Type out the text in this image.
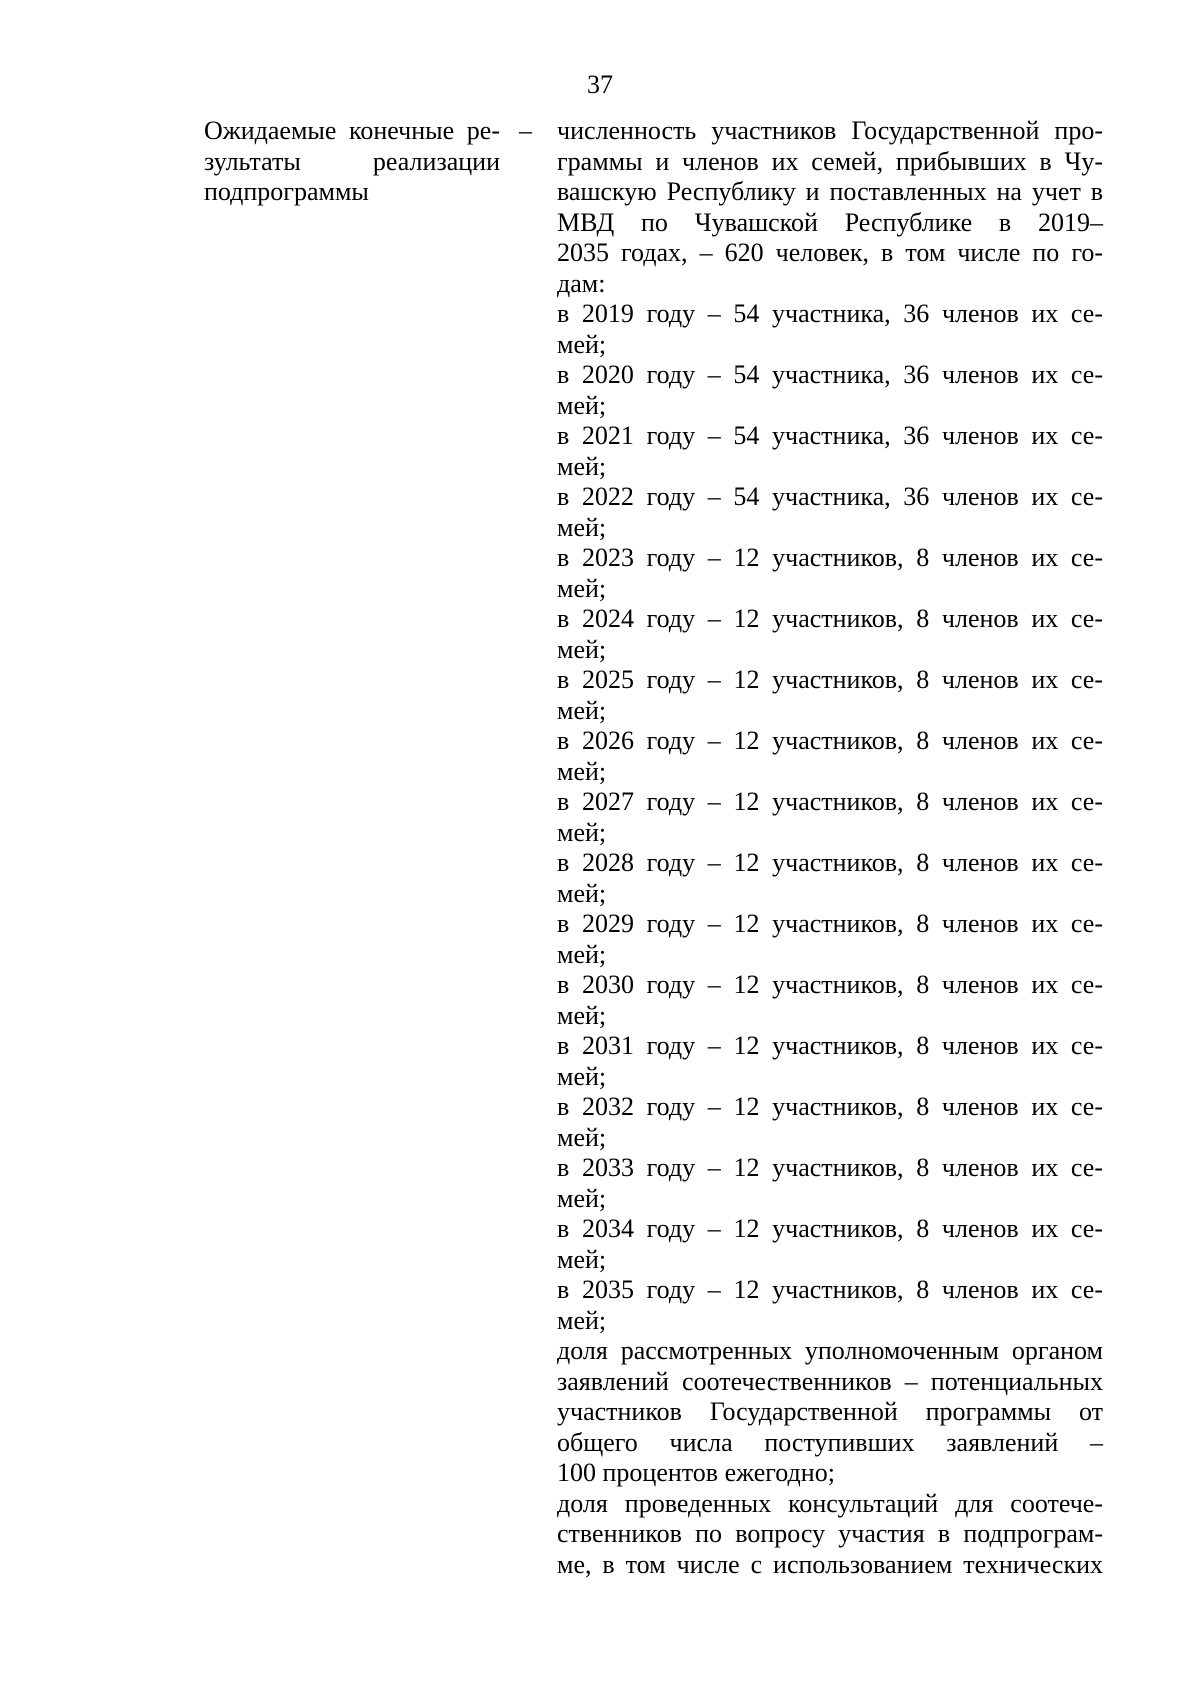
37
Ожидаемые конечные ре-
зультаты реализации
подпрограммы
– численность участников Государственной про-
граммы и членов их семей, прибывших в Чу-
вашскую Республику и поставленных на учет в
МВД по Чувашской Республике в 2019–
2035 годах, – 620 человек, в том числе по го-
дам:
в 2019 году – 54 участника, 36 членов их се-
мей;
в 2020 году – 54 участника, 36 членов их се-
мей;
в 2021 году – 54 участника, 36 членов их се-
мей;
в 2022 году – 54 участника, 36 членов их се-
мей;
в 2023 году – 12 участников, 8 членов их се-
мей;
в 2024 году – 12 участников, 8 членов их се-
мей;
в 2025 году – 12 участников, 8 членов их се-
мей;
в 2026 году – 12 участников, 8 членов их се-
мей;
в 2027 году – 12 участников, 8 членов их се-
мей;
в 2028 году – 12 участников, 8 членов их се-
мей;
в 2029 году – 12 участников, 8 членов их се-
мей;
в 2030 году – 12 участников, 8 членов их се-
мей;
в 2031 году – 12 участников, 8 членов их се-
мей;
в 2032 году – 12 участников, 8 членов их се-
мей;
в 2033 году – 12 участников, 8 членов их се-
мей;
в 2034 году – 12 участников, 8 членов их се-
мей;
в 2035 году – 12 участников, 8 членов их се-
мей;
доля рассмотренных уполномоченным органом
заявлений соотечественников – потенциальных
участников Государственной программы от
общего числа поступивших заявлений –
100 процентов ежегодно;
доля проведенных консультаций для соотече-
ственников по вопросу участия в подпрограм-
ме, в том числе с использованием технических
